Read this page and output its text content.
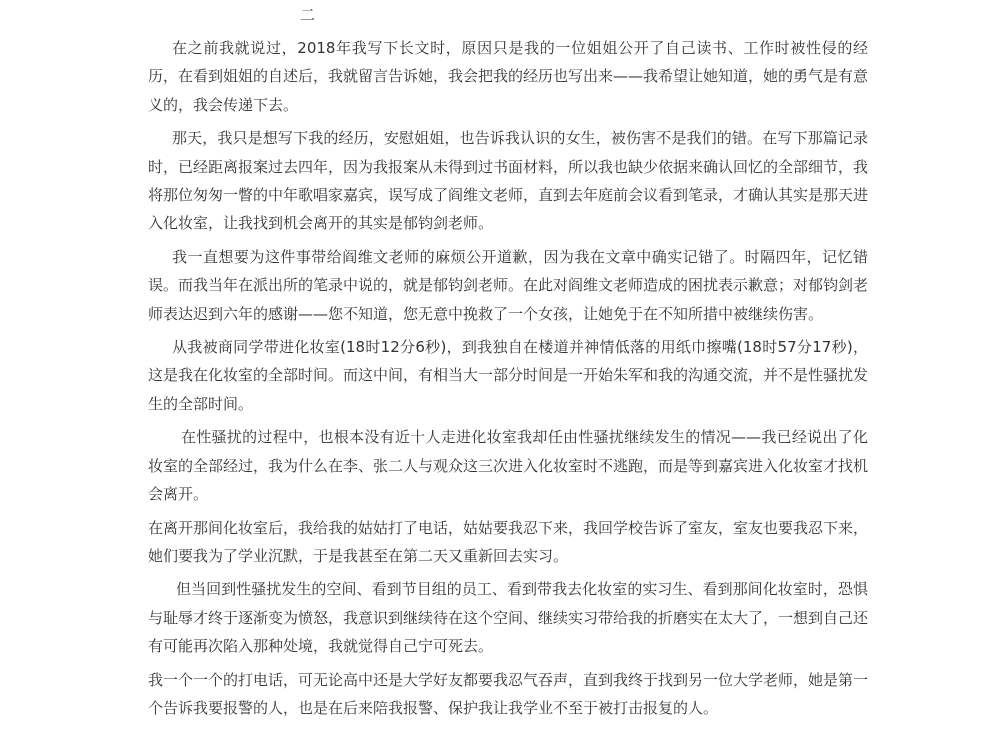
二

在之前我就说过，2018年我写下长文时，原因只是我的一位姐姐公开了自己读书、工作时被性侵的经历，在看到姐姐的自述后，我就留言告诉她，我会把我的经历也写出来——我希望让她知道，她的勇气是有意义的，我会传递下去。

那天，我只是想写下我的经历，安慰姐姐，也告诉我认识的女生，被伤害不是我们的错。在写下那篇记录时，已经距离报案过去四年，因为我报案从未得到过书面材料，所以我也缺少依据来确认回忆的全部细节，我将那位匆匆一瞥的中年歌唱家嘉宾，误写成了阎维文老师，直到去年庭前会议看到笔录，才确认其实是那天进入化妆室，让我找到机会离开的其实是郁钧剑老师。

我一直想要为这件事带给阎维文老师的麻烦公开道歉，因为我在文章中确实记错了。时隔四年，记忆错误。而我当年在派出所的笔录中说的，就是郁钧剑老师。在此对阎维文老师造成的困扰表示歉意；对郁钧剑老师表达迟到六年的感谢——您不知道，您无意中挽救了一个女孩，让她免于在不知所措中被继续伤害。

从我被商同学带进化妆室(18时12分6秒)，到我独自在楼道并神情低落的用纸巾擦嘴(18时57分17秒)，这是我在化妆室的全部时间。而这中间，有相当大一部分时间是一开始朱军和我的沟通交流，并不是性骚扰发生的全部时间。

在性骚扰的过程中，也根本没有近十人走进化妆室我却任由性骚扰继续发生的情况——我已经说出了化妆室的全部经过，我为什么在李、张二人与观众这三次进入化妆室时不逃跑，而是等到嘉宾进入化妆室才找机会离开。

在离开那间化妆室后，我给我的姑姑打了电话，姑姑要我忍下来，我回学校告诉了室友，室友也要我忍下来，她们要我为了学业沉默，于是我甚至在第二天又重新回去实习。

但当回到性骚扰发生的空间、看到节目组的员工、看到带我去化妆室的实习生、看到那间化妆室时，恐惧与耻辱才终于逐渐变为愤怒，我意识到继续待在这个空间、继续实习带给我的折磨实在太大了，一想到自己还有可能再次陷入那种处境，我就觉得自己宁可死去。

我一个一个的打电话，可无论高中还是大学好友都要我忍气吞声，直到我终于找到另一位大学老师，她是第一个告诉我要报警的人，也是在后来陪我报警、保护我让我学业不至于被打击报复的人。
